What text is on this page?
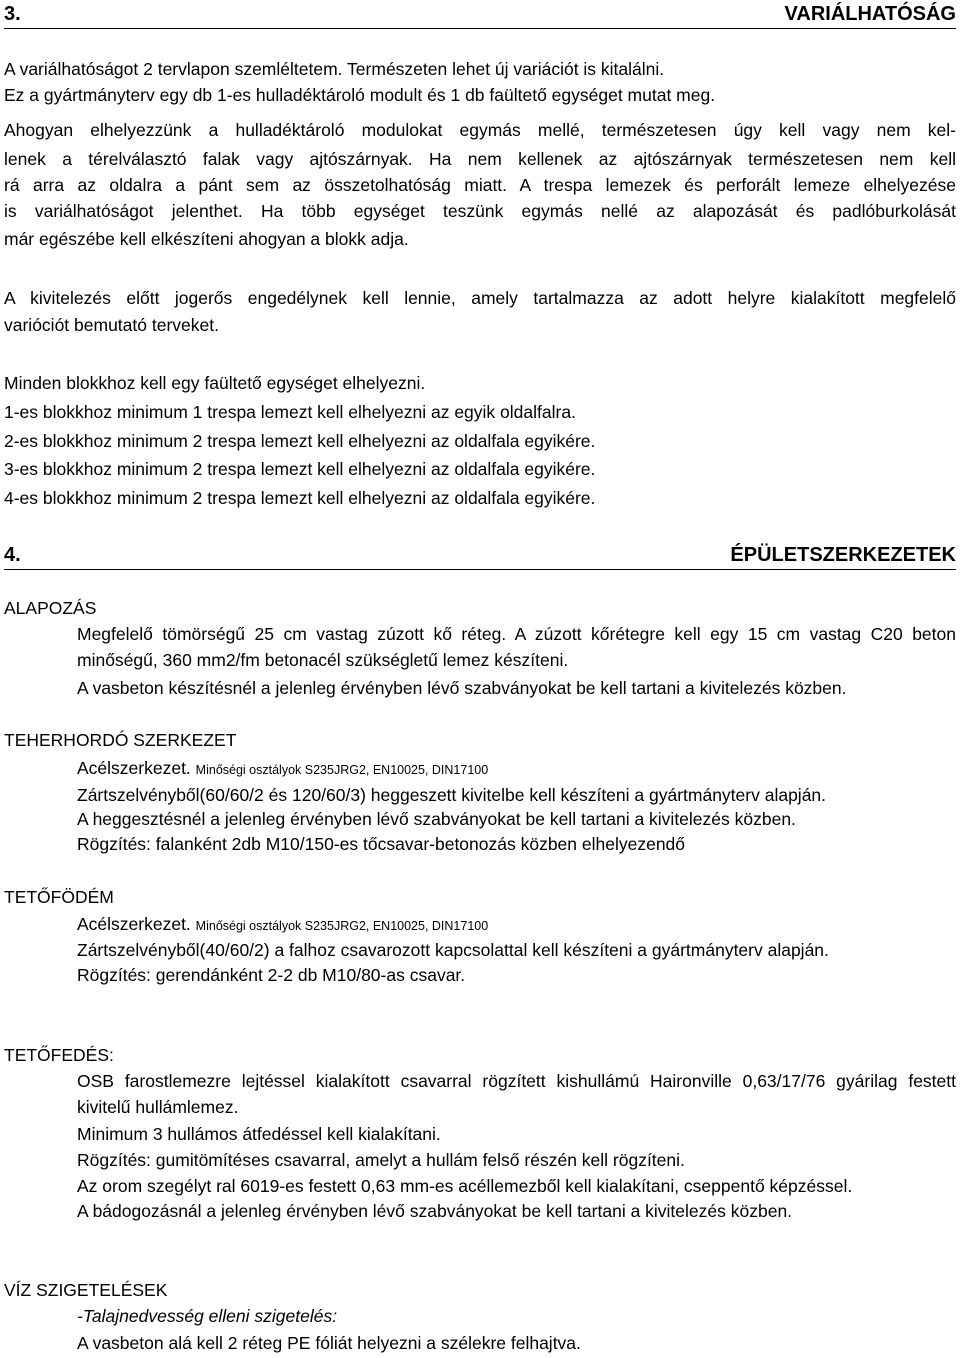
3.	VARIÁLHATÓSÁG
A variálhatóságot 2 tervlapon szemléltetem. Természeten lehet új variációt is kitalálni.
Ez a gyártmányterv egy db 1-es hulladéktároló modult és 1 db faültető egységet mutat meg.
Ahogyan elhelyezzünk a hulladéktároló modulokat egymás mellé, természetesen úgy kell vagy nem kel-
lenek a térelválasztó falak vagy ajtószárnyak. Ha nem kellenek az ajtószárnyak természetesen nem kell
rá arra az oldalra a pánt sem az összetolhatóság miatt. A trespa lemezek és perforált lemeze elhelyezése
is variálhatóságot jelenthet. Ha több egységet teszünk egymás nellé az alapozását és padlóburkolását
már egészébe kell elkészíteni ahogyan a blokk adja.
A kivitelezés előtt jogerős engedélynek kell lennie, amely tartalmazza az adott helyre kialakított megfelelő
varióciót bemutató terveket.
Minden blokkhoz kell egy faültető egységet elhelyezni.
1-es blokkhoz minimum 1 trespa lemezt kell elhelyezni az egyik oldalfalra.
2-es blokkhoz minimum 2 trespa lemezt kell elhelyezni az oldalfala egyikére.
3-es blokkhoz minimum 2 trespa lemezt kell elhelyezni az oldalfala egyikére.
4-es blokkhoz minimum 2 trespa lemezt kell elhelyezni az oldalfala egyikére.
4.	ÉPÜLETSZERKEZETEK
ALAPOZÁS
Megfelelő tömörségű 25 cm vastag zúzott kő réteg. A zúzott kőrétegre kell egy 15 cm vastag C20 beton
minőségű, 360 mm2/fm betonacél szükségletű lemez készíteni.
A vasbeton készítésnél a jelenleg érvényben lévő szabványokat be kell tartani a kivitelezés közben.
TEHERHORDÓ SZERKEZET
Acélszerkezet. Minőségi osztályok S235JRG2, EN10025, DIN17100
Zártszelvényből(60/60/2 és 120/60/3) heggeszett kivitelbe kell készíteni a gyártmányterv alapján.
A heggesztésnél a jelenleg érvényben lévő szabványokat be kell tartani a kivitelezés közben.
Rögzítés: falanként 2db M10/150-es tőcsavar-betonozás közben elhelyezendő
TETŐFÖDÉM
Acélszerkezet. Minőségi osztályok S235JRG2, EN10025, DIN17100
Zártszelvényből(40/60/2) a falhoz csavarozott kapcsolattal kell készíteni a gyártmányterv alapján.
Rögzítés: gerendánként 2-2 db M10/80-as csavar.
TETŐFEDÉS:
OSB farostlemezre lejtéssel kialakított csavarral rögzített kishullámú Haironville 0,63/17/76 gyárilag festett
kivitelű hullámlemez.
Minimum 3 hullámos átfedéssel kell kialakítani.
Rögzítés: gumitömítéses csavarral, amelyt a hullám felső részén kell rögzíteni.
Az orom szegélyt ral 6019-es festett 0,63 mm-es acéllemezből kell kialakítani, cseppentő képzéssel.
A bádogozásnál a jelenleg érvényben lévő szabványokat be kell tartani a kivitelezés közben.
VÍZ SZIGETELÉSEK
-Talajnedvesség elleni szigetelés:
A vasbeton alá kell 2 réteg PE fóliát helyezni a szélekre felhajtva.
